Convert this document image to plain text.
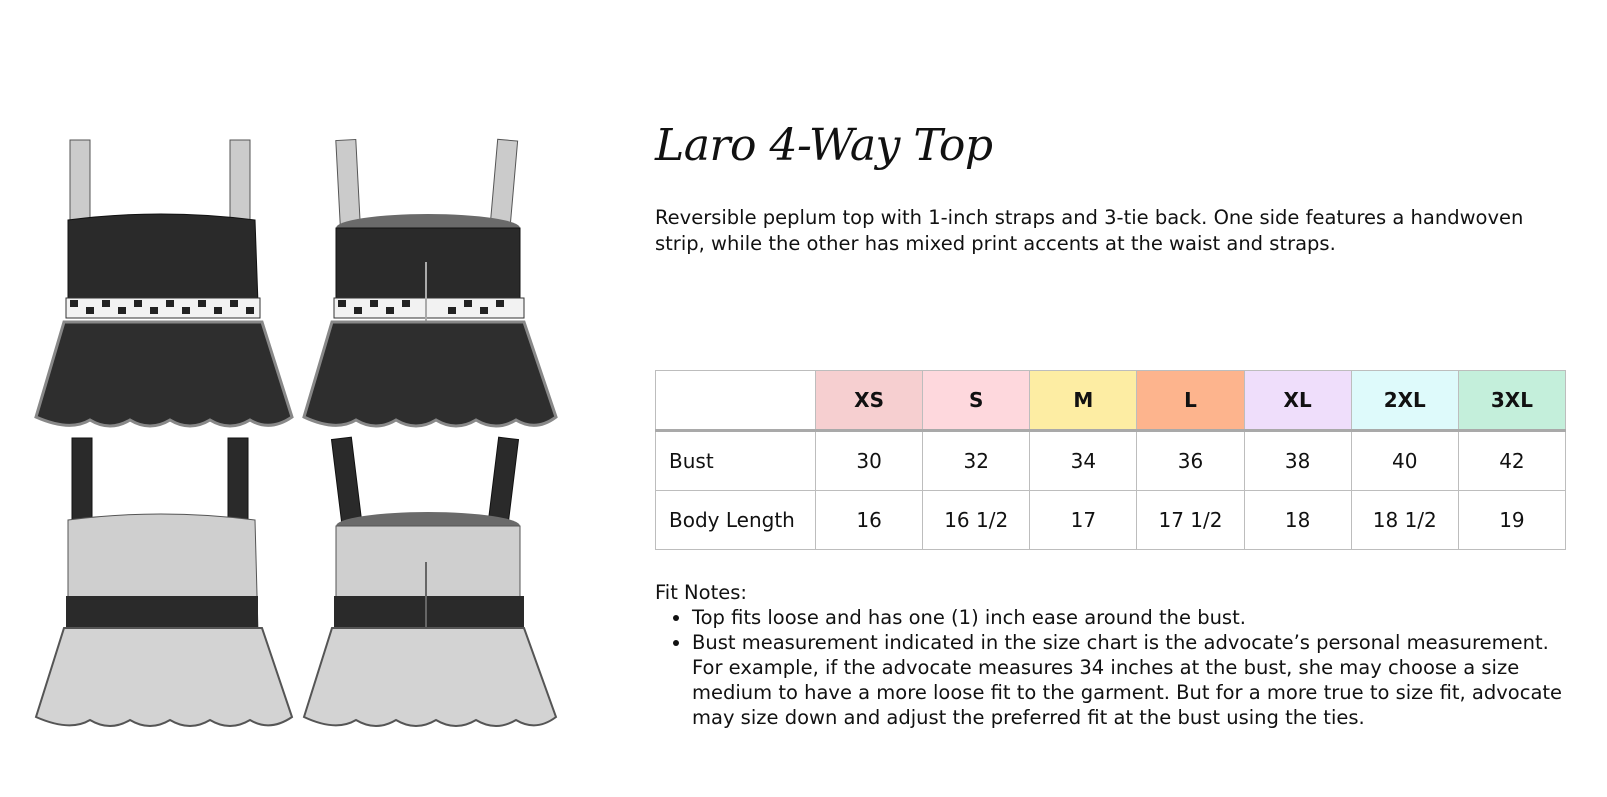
Laro 4-Way Top

Reversible peplum top with 1-inch straps and 3-tie back. One side features a handwoven strip, while the other has mixed print accents at the waist and straps.

	XS	S	M	L	XL	2XL	3XL
Bust	30	32	34	36	38	40	42
Body Length	16	16 1/2	17	17 1/2	18	18 1/2	19

Fit Notes:

• Top fits loose and has one (1) inch ease around the bust.
• Bust measurement indicated in the size chart is the advocate’s personal measurement. For example, if the advocate measures 34 inches at the bust, she may choose a size medium to have a more loose fit to the garment. But for a more true to size fit, advocate may size down and adjust the preferred fit at the bust using the ties.
